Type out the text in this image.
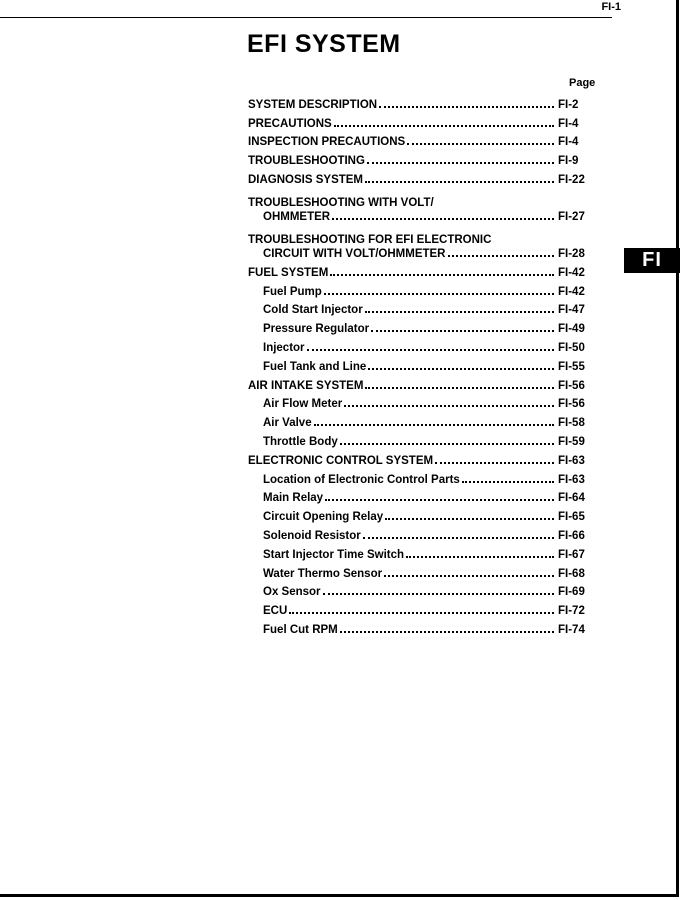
FI-1
EFI SYSTEM
Page
SYSTEM DESCRIPTION	FI-2
PRECAUTIONS	FI-4
INSPECTION PRECAUTIONS	FI-4
TROUBLESHOOTING	FI-9
DIAGNOSIS SYSTEM	FI-22
TROUBLESHOOTING WITH VOLT/
OHMMETER	FI-27
TROUBLESHOOTING FOR EFI ELECTRONIC
CIRCUIT WITH VOLT/OHMMETER	FI-28
FUEL SYSTEM	FI-42
Fuel Pump	FI-42
Cold Start Injector	FI-47
Pressure Regulator	FI-49
Injector	FI-50
Fuel Tank and Line	FI-55
AIR INTAKE SYSTEM	FI-56
Air Flow Meter	FI-56
Air Valve	FI-58
Throttle Body	FI-59
ELECTRONIC CONTROL SYSTEM	FI-63
Location of Electronic Control Parts	FI-63
Main Relay	FI-64
Circuit Opening Relay	FI-65
Solenoid Resistor	FI-66
Start Injector Time Switch	FI-67
Water Thermo Sensor	FI-68
Ox Sensor	FI-69
ECU	FI-72
Fuel Cut RPM	FI-74
FI
